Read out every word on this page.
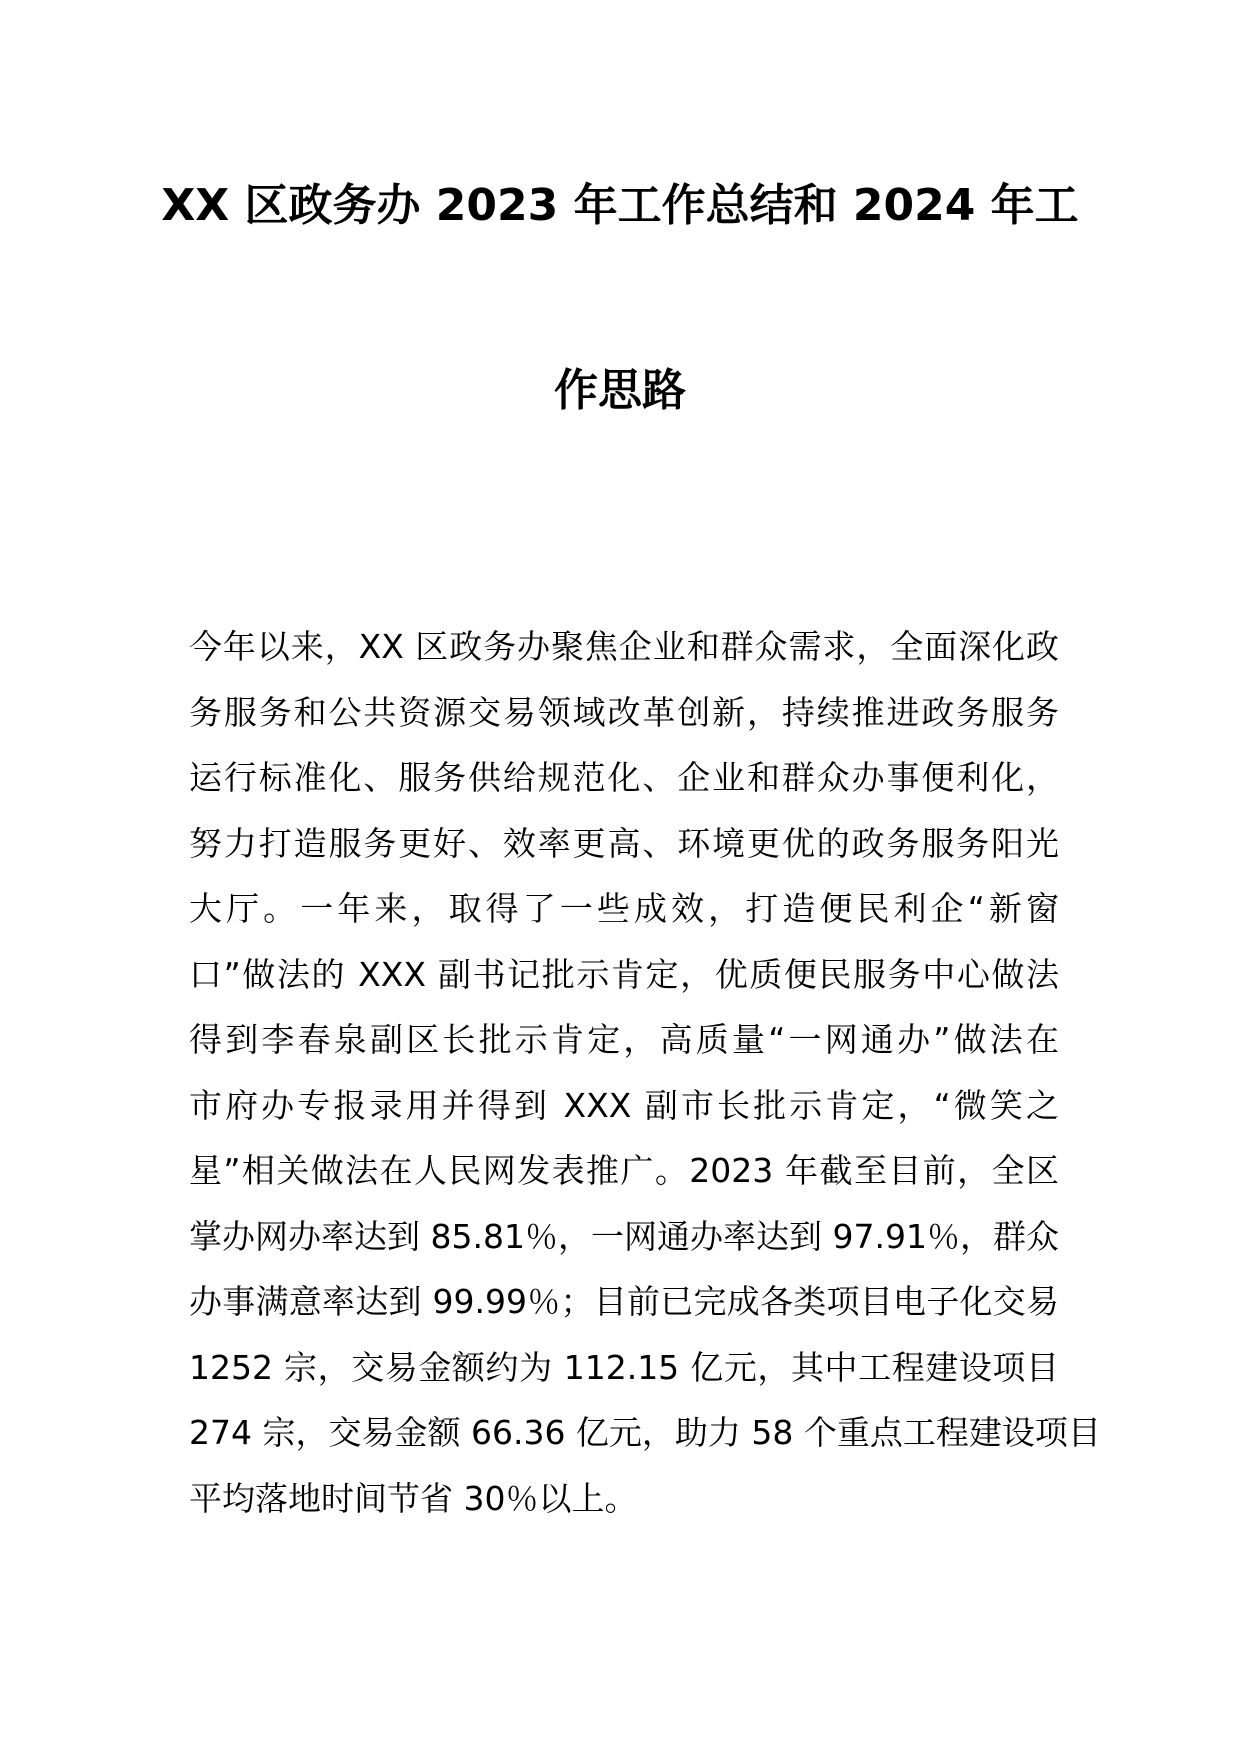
XX 区政务办 2023 年工作总结和 2024 年工
作思路
今年以来，XX 区政务办聚焦企业和群众需求，全面深化政
务服务和公共资源交易领域改革创新，持续推进政务服务
运行标准化、服务供给规范化、企业和群众办事便利化，
努力打造服务更好、效率更高、环境更优的政务服务阳光
大厅。一年来，取得了一些成效，打造便民利企“新窗
口”做法的 XXX 副书记批示肯定，优质便民服务中心做法
得到李春泉副区长批示肯定，高质量“一网通办”做法在
市府办专报录用并得到 XXX 副市长批示肯定，“微笑之
星”相关做法在人民网发表推广。2023 年截至目前，全区
掌办网办率达到 85.81％，一网通办率达到 97.91％，群众
办事满意率达到 99.99％；目前已完成各类项目电子化交易
1252 宗，交易金额约为 112.15 亿元，其中工程建设项目
274 宗，交易金额 66.36 亿元，助力 58 个重点工程建设项目
平均落地时间节省 30％以上。
